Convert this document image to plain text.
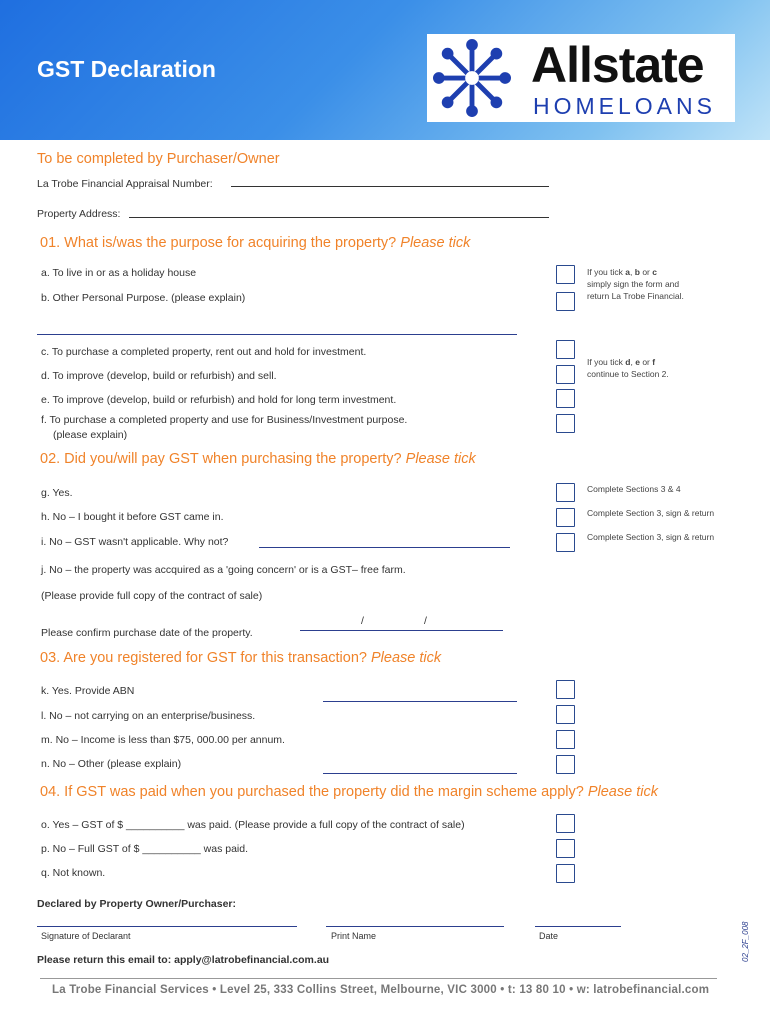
GST Declaration	Allstate
HOMELOANS
To be completed by Purchaser/Owner
La Trobe Financial Appraisal Number:
Property Address:
01. What is/was the purpose for acquiring the property? Please tick
a. To live in or as a holiday house
b. Other Personal Purpose. (please explain)
c. To purchase a completed property, rent out and hold for investment.
d. To improve (develop, build or refurbish) and sell.
e. To improve (develop, build or refurbish) and hold for long term investment.
f. To purchase a completed property and use for Business/Investment purpose.
(please explain)
If you tick a, b or c
simply sign the form and
return La Trobe Financial.
If you tick d, e or f
continue to Section 2.
02. Did you/will pay GST when purchasing the property? Please tick
g. Yes.
h. No – I bought it before GST came in.
i. No – GST wasn't applicable. Why not?
j. No – the property was accquired as a 'going concern' or is a GST– free farm.
(Please provide full copy of the contract of sale)
Please confirm purchase date of the property.
/	/
Complete Sections 3 & 4
Complete Section 3, sign & return
Complete Section 3, sign & return
03. Are you registered for GST for this transaction? Please tick
k. Yes. Provide ABN
l. No – not carrying on an enterprise/business.
m. No – Income is less than $75, 000.00 per annum.
n. No – Other (please explain)
04. If GST was paid when you purchased the property did the margin scheme apply? Please tick
o. Yes – GST of $ __________ was paid. (Please provide a full copy of the contract of sale)
p. No – Full GST of $ __________ was paid.
q. Not known.
Declared by Property Owner/Purchaser:
Signature of Declarant	Print Name	Date
Please return this email to: apply@latrobefinancial.com.au
La Trobe Financial Services • Level 25, 333 Collins Street, Melbourne, VIC 3000 • t: 13 80 10 • w: latrobefinancial.com
02_2F_008
